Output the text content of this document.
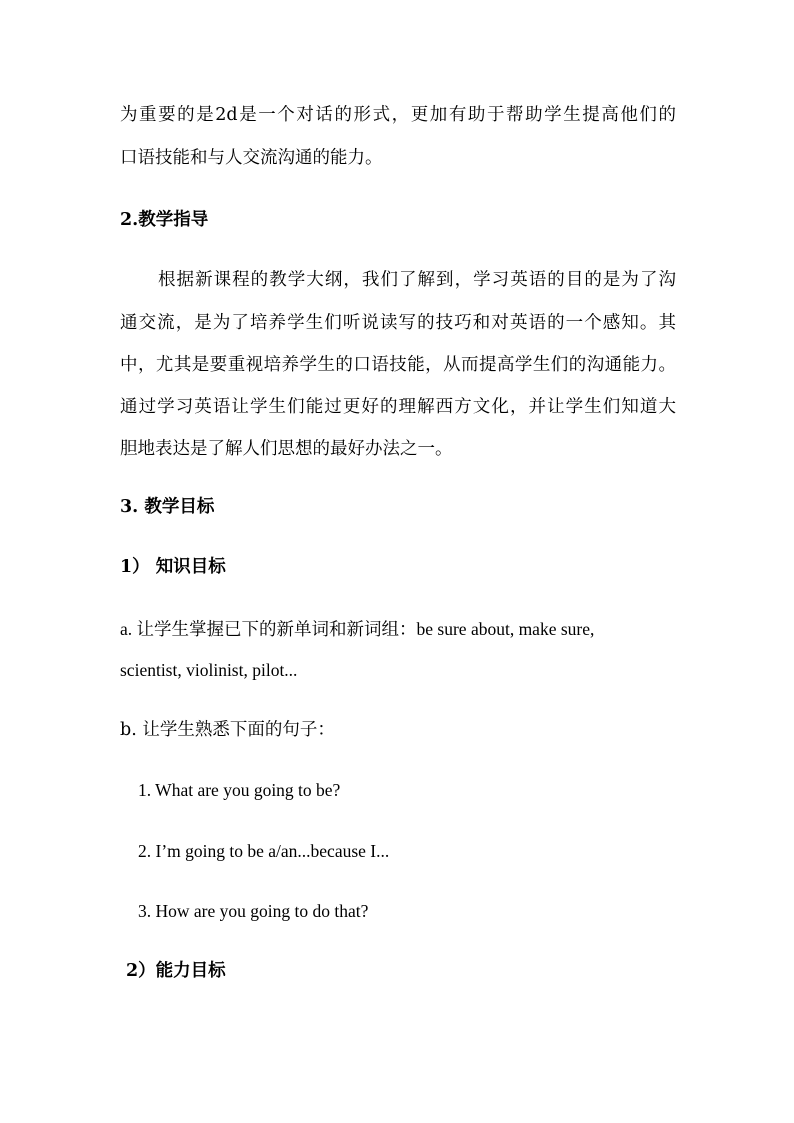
为重要的是2d是一个对话的形式，更加有助于帮助学生提高他们的
口语技能和与人交流沟通的能力。
2.教学指导
根据新课程的教学大纲，我们了解到，学习英语的目的是为了沟
通交流，是为了培养学生们听说读写的技巧和对英语的一个感知。其
中，尤其是要重视培养学生的口语技能，从而提高学生们的沟通能力。
通过学习英语让学生们能过更好的理解西方文化，并让学生们知道大
胆地表达是了解人们思想的最好办法之一。
3. 教学目标
1） 知识目标
a. 让学生掌握已下的新单词和新词组：be sure about, make sure,
scientist, violinist, pilot...
b. 让学生熟悉下面的句子：
1. What are you going to be?
2. I’m going to be a/an...because I...
3. How are you going to do that?
2）能力目标
